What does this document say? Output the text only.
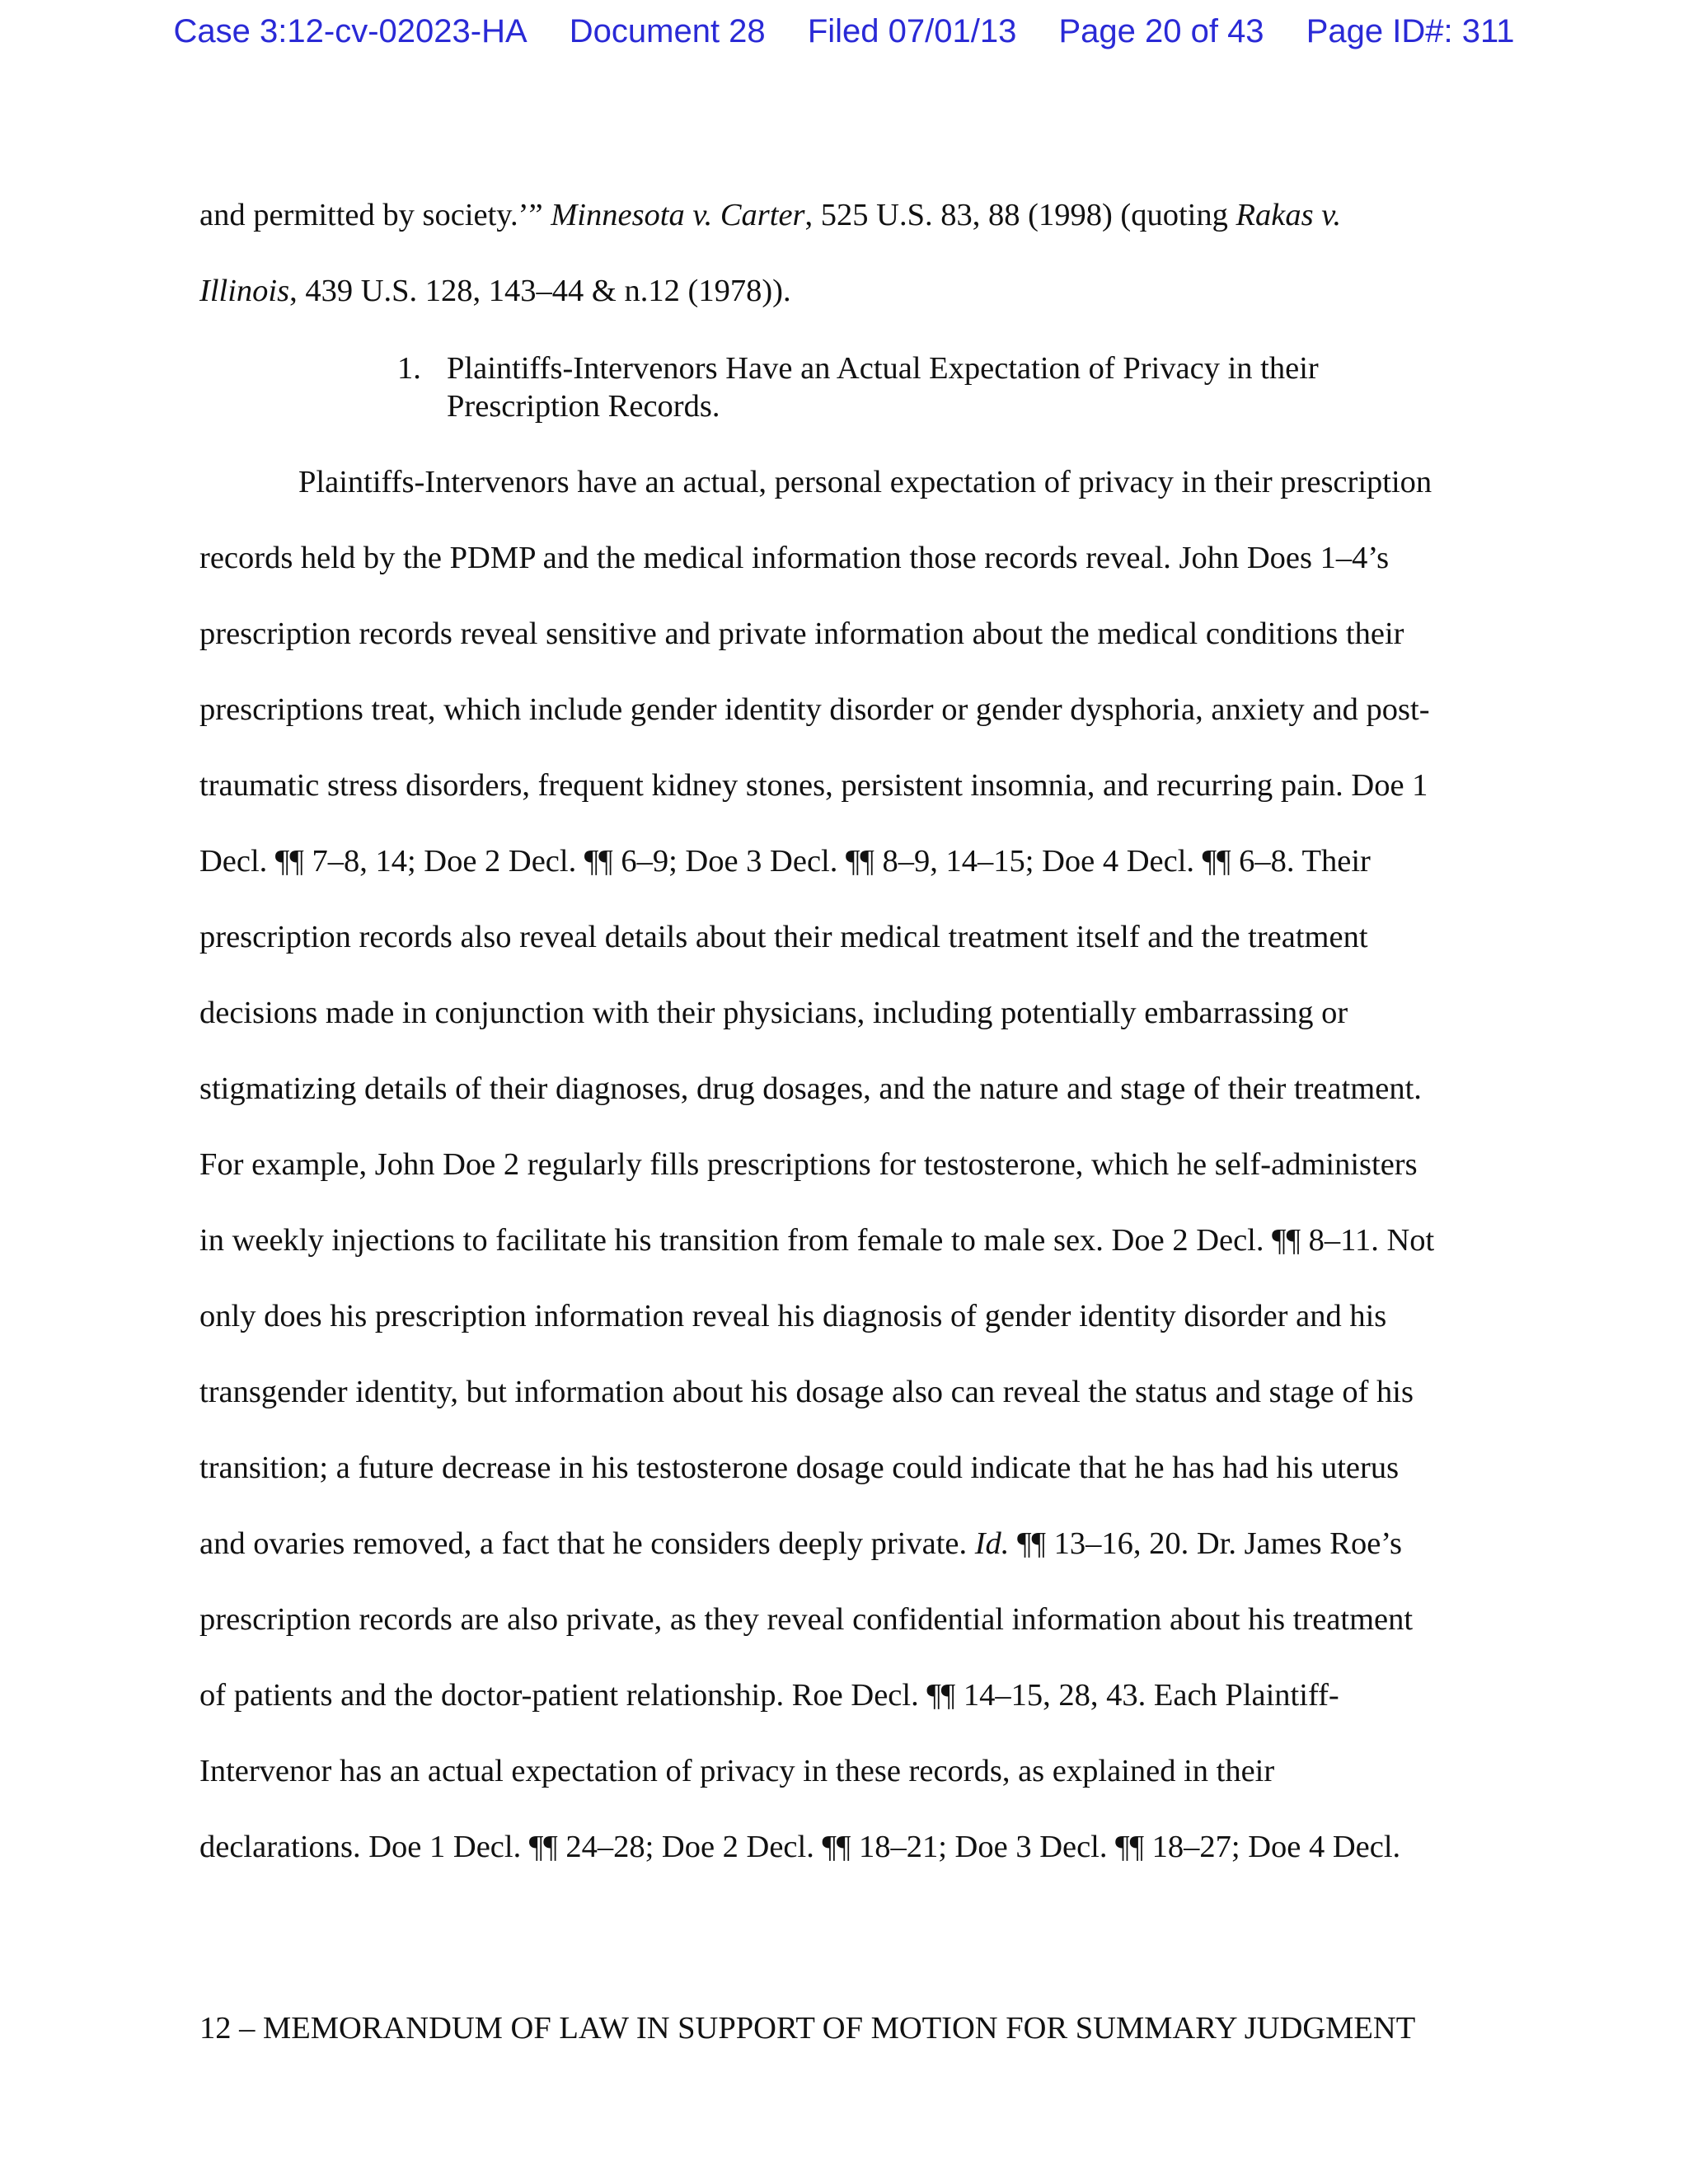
Case 3:12-cv-02023-HA Document 28 Filed 07/01/13 Page 20 of 43 Page ID#: 311
and permitted by society.’” Minnesota v. Carter, 525 U.S. 83, 88 (1998) (quoting Rakas v.
Illinois, 439 U.S. 128, 143–44 & n.12 (1978)).
1. Plaintiffs-Intervenors Have an Actual Expectation of Privacy in their
Prescription Records.
Plaintiffs-Intervenors have an actual, personal expectation of privacy in their prescription
records held by the PDMP and the medical information those records reveal. John Does 1–4’s
prescription records reveal sensitive and private information about the medical conditions their
prescriptions treat, which include gender identity disorder or gender dysphoria, anxiety and post-
traumatic stress disorders, frequent kidney stones, persistent insomnia, and recurring pain. Doe 1
Decl. ¶¶ 7–8, 14; Doe 2 Decl. ¶¶ 6–9; Doe 3 Decl. ¶¶ 8–9, 14–15; Doe 4 Decl. ¶¶ 6–8. Their
prescription records also reveal details about their medical treatment itself and the treatment
decisions made in conjunction with their physicians, including potentially embarrassing or
stigmatizing details of their diagnoses, drug dosages, and the nature and stage of their treatment.
For example, John Doe 2 regularly fills prescriptions for testosterone, which he self-administers
in weekly injections to facilitate his transition from female to male sex. Doe 2 Decl. ¶¶ 8–11. Not
only does his prescription information reveal his diagnosis of gender identity disorder and his
transgender identity, but information about his dosage also can reveal the status and stage of his
transition; a future decrease in his testosterone dosage could indicate that he has had his uterus
and ovaries removed, a fact that he considers deeply private. Id. ¶¶ 13–16, 20. Dr. James Roe’s
prescription records are also private, as they reveal confidential information about his treatment
of patients and the doctor-patient relationship. Roe Decl. ¶¶ 14–15, 28, 43. Each Plaintiff-
Intervenor has an actual expectation of privacy in these records, as explained in their
declarations. Doe 1 Decl. ¶¶ 24–28; Doe 2 Decl. ¶¶ 18–21; Doe 3 Decl. ¶¶ 18–27; Doe 4 Decl.
12 – MEMORANDUM OF LAW IN SUPPORT OF MOTION FOR SUMMARY JUDGMENT
